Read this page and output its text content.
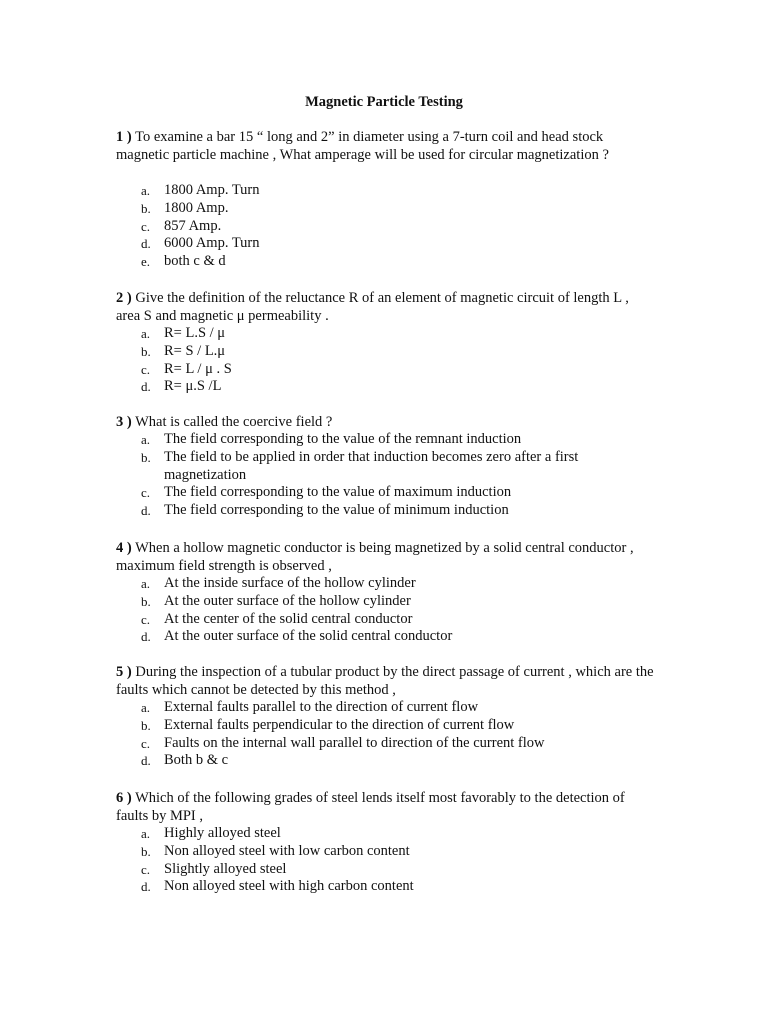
Magnetic Particle Testing

1 ) To examine a bar 15 “ long and 2” in diameter using a 7-turn coil and head stock magnetic particle machine , What amperage will be used for circular magnetization ?

a. 1800 Amp. Turn
b. 1800 Amp.
c. 857 Amp.
d. 6000 Amp. Turn
e. both c & d

2 ) Give the definition of the reluctance R of an element of magnetic circuit of length L , area S and magnetic μ permeability .

a. R= L.S / μ
b. R= S / L.μ
c. R= L / μ . S
d. R= μ.S /L

3 ) What is called the coercive field ?

a. The field corresponding to the value of the remnant induction
b. The field to be applied in order that induction becomes zero after a first magnetization
c. The field corresponding to the value of maximum induction
d. The field corresponding to the value of minimum induction

4 ) When a hollow magnetic conductor is being magnetized by a solid central conductor , maximum field strength is observed ,

a. At the inside surface of the hollow cylinder
b. At the outer surface of the hollow cylinder
c. At the center of the solid central conductor
d. At the outer surface of the solid central conductor

5 ) During the inspection of a tubular product by the direct passage of current , which are the faults which cannot be detected by this method ,

a. External faults parallel to the direction of current flow
b. External faults perpendicular to the direction of current flow
c. Faults on the internal wall parallel to direction of the current flow
d. Both b & c

6 ) Which of the following grades of steel lends itself most favorably to the detection of faults by MPI ,

a. Highly alloyed steel
b. Non alloyed steel with low carbon content
c. Slightly alloyed steel
d. Non alloyed steel with high carbon content
